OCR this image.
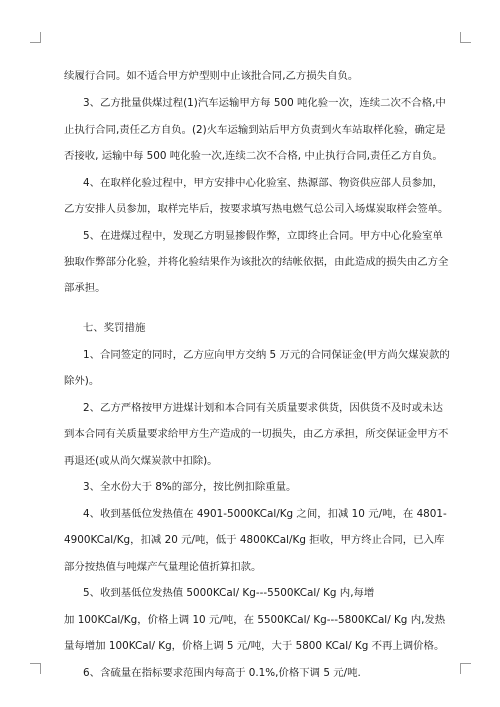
续履行合同。如不适合甲方炉型则中止该批合同,乙方损失自负。
3、乙方批量供煤过程(1)汽车运输甲方每 500 吨化验一次，连续二次不合格,中
止执行合同,责任乙方自负。(2)火车运输到站后甲方负责到火车站取样化验，确定是
否接收, 运输中每 500 吨化验一次,连续二次不合格, 中止执行合同,责任乙方自负。
4、在取样化验过程中，甲方安排中心化验室、热源部、物资供应部人员参加，
乙方安排人员参加，取样完毕后，按要求填写热电燃气总公司入场煤炭取样会签单。
5、在进煤过程中，发现乙方明显掺假作弊，立即终止合同。甲方中心化验室单
独取作弊部分化验，并将化验结果作为该批次的结帐依据，由此造成的损失由乙方全
部承担。
七、奖罚措施
1、合同签定的同时，乙方应向甲方交纳 5 万元的合同保证金(甲方尚欠煤炭款的
除外)。
2、乙方严格按甲方进煤计划和本合同有关质量要求供货，因供货不及时或未达
到本合同有关质量要求给甲方生产造成的一切损失，由乙方承担，所交保证金甲方不
再退还(或从尚欠煤炭款中扣除)。
3、全水份大于 8%的部分，按比例扣除重量。
4、收到基低位发热值在 4901-5000KCal/Kg 之间，扣减 10 元/吨，在 4801-
4900KCal/Kg，扣减 20 元/吨，低于 4800KCal/Kg 拒收，甲方终止合同，已入库
部分按热值与吨煤产气量理论值折算扣款。
5、收到基低位发热值 5000KCal/ Kg---5500KCal/ Kg 内,每增
加 100KCal/Kg，价格上调 10 元/吨，在 5500KCal/ Kg---5800KCal/ Kg 内,发热
量每增加 100KCal/ Kg，价格上调 5 元/吨，大于 5800 KCal/ Kg 不再上调价格。
6、含硫量在指标要求范围内每高于 0.1%,价格下调 5 元/吨.
